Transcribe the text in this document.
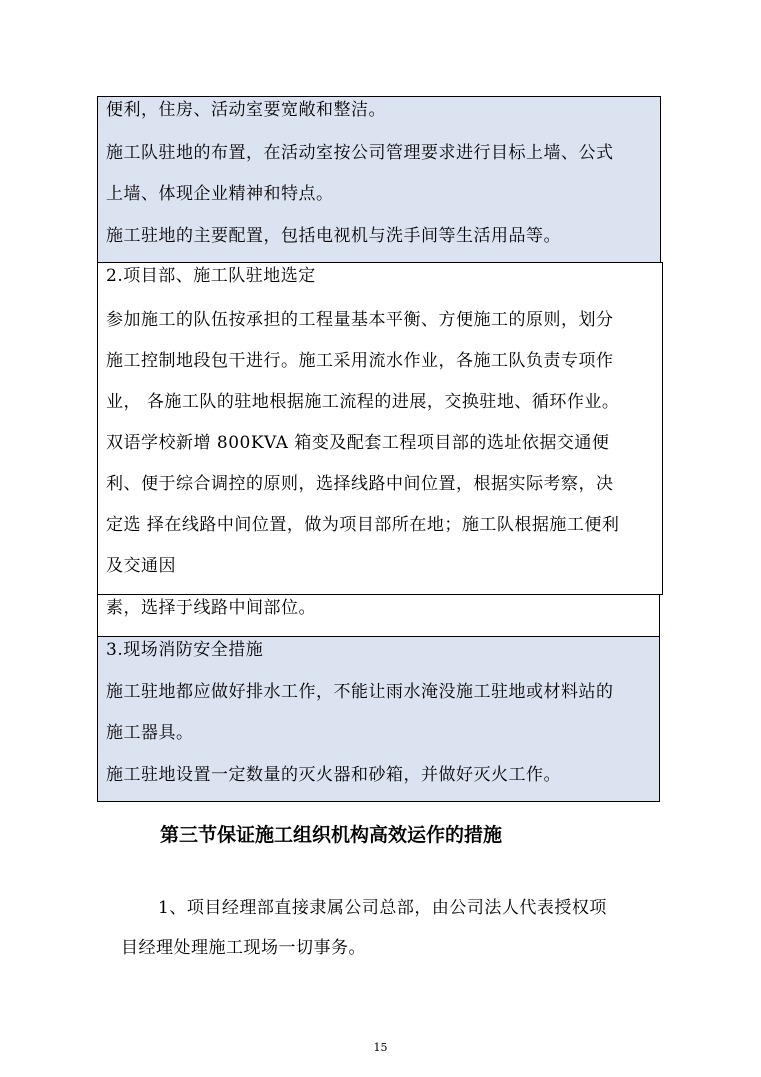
便利，住房、活动室要宽敞和整洁。
施工队驻地的布置，在活动室按公司管理要求进行目标上墙、公式
上墙、体现企业精神和特点。
施工驻地的主要配置，包括电视机与洗手间等生活用品等。
2.项目部、施工队驻地选定
参加施工的队伍按承担的工程量基本平衡、方便施工的原则，划分
施工控制地段包干进行。施工采用流水作业，各施工队负责专项作
业， 各施工队的驻地根据施工流程的进展，交换驻地、循环作业。
双语学校新增 800KVA 箱变及配套工程项目部的选址依据交通便
利、便于综合调控的原则，选择线路中间位置，根据实际考察，决
定选 择在线路中间位置，做为项目部所在地；施工队根据施工便利
及交通因
素，选择于线路中间部位。
3.现场消防安全措施
施工驻地都应做好排水工作，不能让雨水淹没施工驻地或材料站的
施工器具。
施工驻地设置一定数量的灭火器和砂箱，并做好灭火工作。
第三节保证施工组织机构高效运作的措施
1、项目经理部直接隶属公司总部，由公司法人代表授权项
目经理处理施工现场一切事务。
15
